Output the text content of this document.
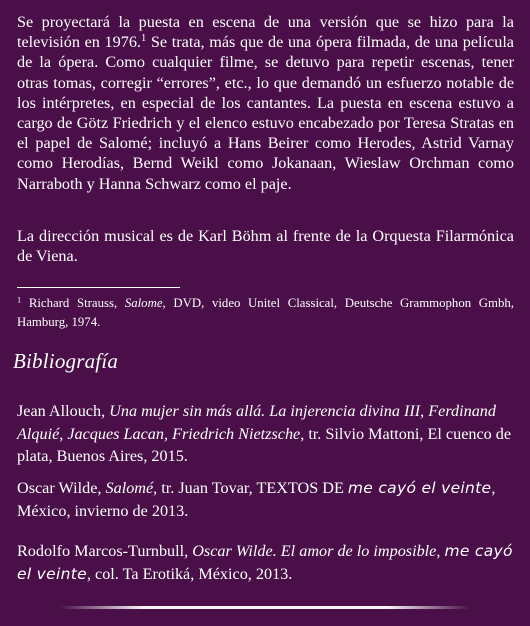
Se proyectará la puesta en escena de una versión que se hizo para la televisión en 1976.$^1$ Se trata, más que de una ópera filmada, de una película de la ópera. Como cualquier filme, se detuvo para repetir escenas, tener otras tomas, corregir “errores”, etc., lo que demandó un esfuerzo notable de los intérpretes, en especial de los cantantes. La puesta en escena estuvo a cargo de Götz Friedrich y el elenco estuvo encabezado por Teresa Stratas en el papel de Salomé; incluyó a Hans Beirer como Herodes, Astrid Varnay como Herodías, Bernd Weikl como Jokanaan, Wieslaw Orchman como Narraboth y Hanna Schwarz como el paje.

La dirección musical es de Karl Böhm al frente de la Orquesta Filarmónica de Viena.

$^1$ Richard Strauss, Salome, DVD, video Unitel Classical, Deutsche Grammophon Gmbh, Hamburg, 1974.

Bibliografía

Jean Allouch, Una mujer sin más allá. La injerencia divina III, Ferdinand Alquié, Jacques Lacan, Friedrich Nietzsche, tr. Silvio Mattoni, El cuenco de plata, Buenos Aires, 2015.

Oscar Wilde, Salomé, tr. Juan Tovar, TEXTOS DE me cayó el veinte, México, invierno de 2013.

Rodolfo Marcos-Turnbull, Oscar Wilde. El amor de lo imposible, me cayó el veinte, col. Ta Erotiká, México, 2013.
